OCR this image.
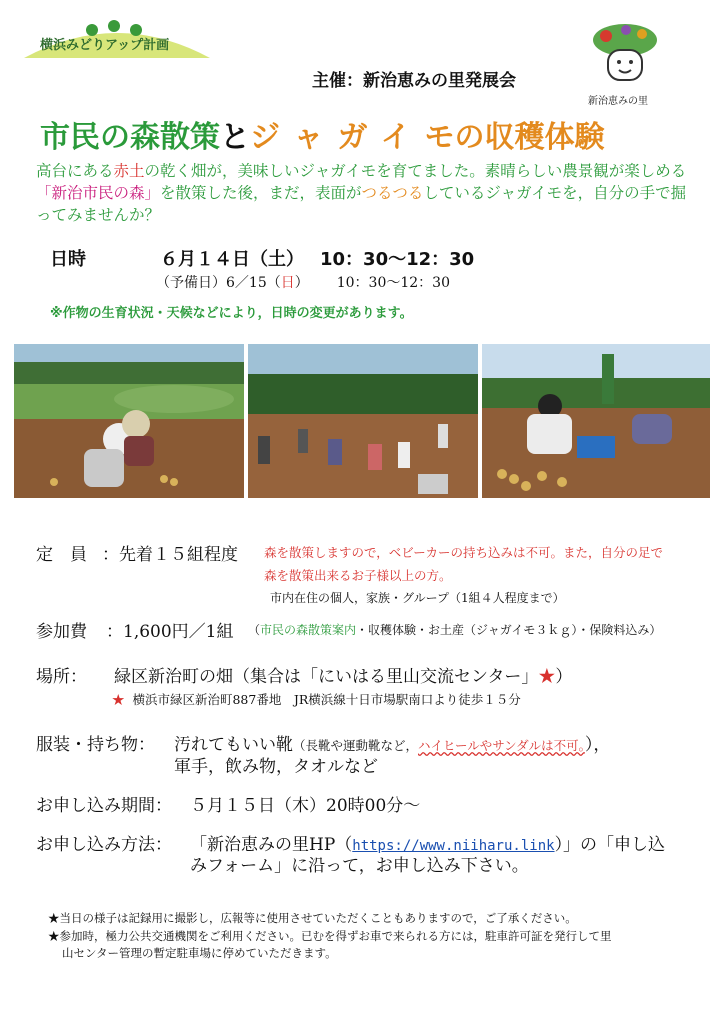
横浜みどりアップ計画
新治恵みの里
主催：新治恵みの里発展会
市民の森散策とジャガイモの収穫体験
高台にある赤土の乾く畑が，美味しいジャガイモを育てました。素晴らしい農景観が楽しめる「新治市民の森」を散策した後，まだ，表面がつるつるしているジャガイモを，自分の手で掘ってみませんか？
日時	６月１４日（土） 10：30〜12：30
（予備日）6／15（日） 10：30〜12：30
※作物の生育状況・天候などにより，日時の変更があります。
定　員 ：先着１５組程度 森を散策しますので，ベビーカーの持ち込みは不可。また，自分の足で
森を散策出来るお子様以上の方。
市内在住の個人，家族・グループ（1組４人程度まで）
参加費 ：1,600円／1組 （市民の森散策案内・収穫体験・お土産（ジャガイモ３ｋｇ）・保険料込み）
場所： 緑区新治町の畑（集合は「にいはる里山交流センター」★）
★ 横浜市緑区新治町887番地　JR横浜線十日市場駅南口より徒歩１５分
服装・持ち物： 汚れてもいい靴（長靴や運動靴など，ハイヒールやサンダルは不可。），
軍手，飲み物，タオルなど
お申し込み期間： ５月１５日（木）20時00分〜
お申し込み方法： 「新治恵みの里HP（https://www.niiharu.link）」の「申し込
みフォーム」に沿って，お申し込み下さい。
★当日の様子は記録用に撮影し，広報等に使用させていただくこともありますので，ご了承ください。
★参加時，極力公共交通機関をご利用ください。已むを得ずお車で来られる方には，駐車許可証を発行して里
山センター管理の暫定駐車場に停めていただきます。
